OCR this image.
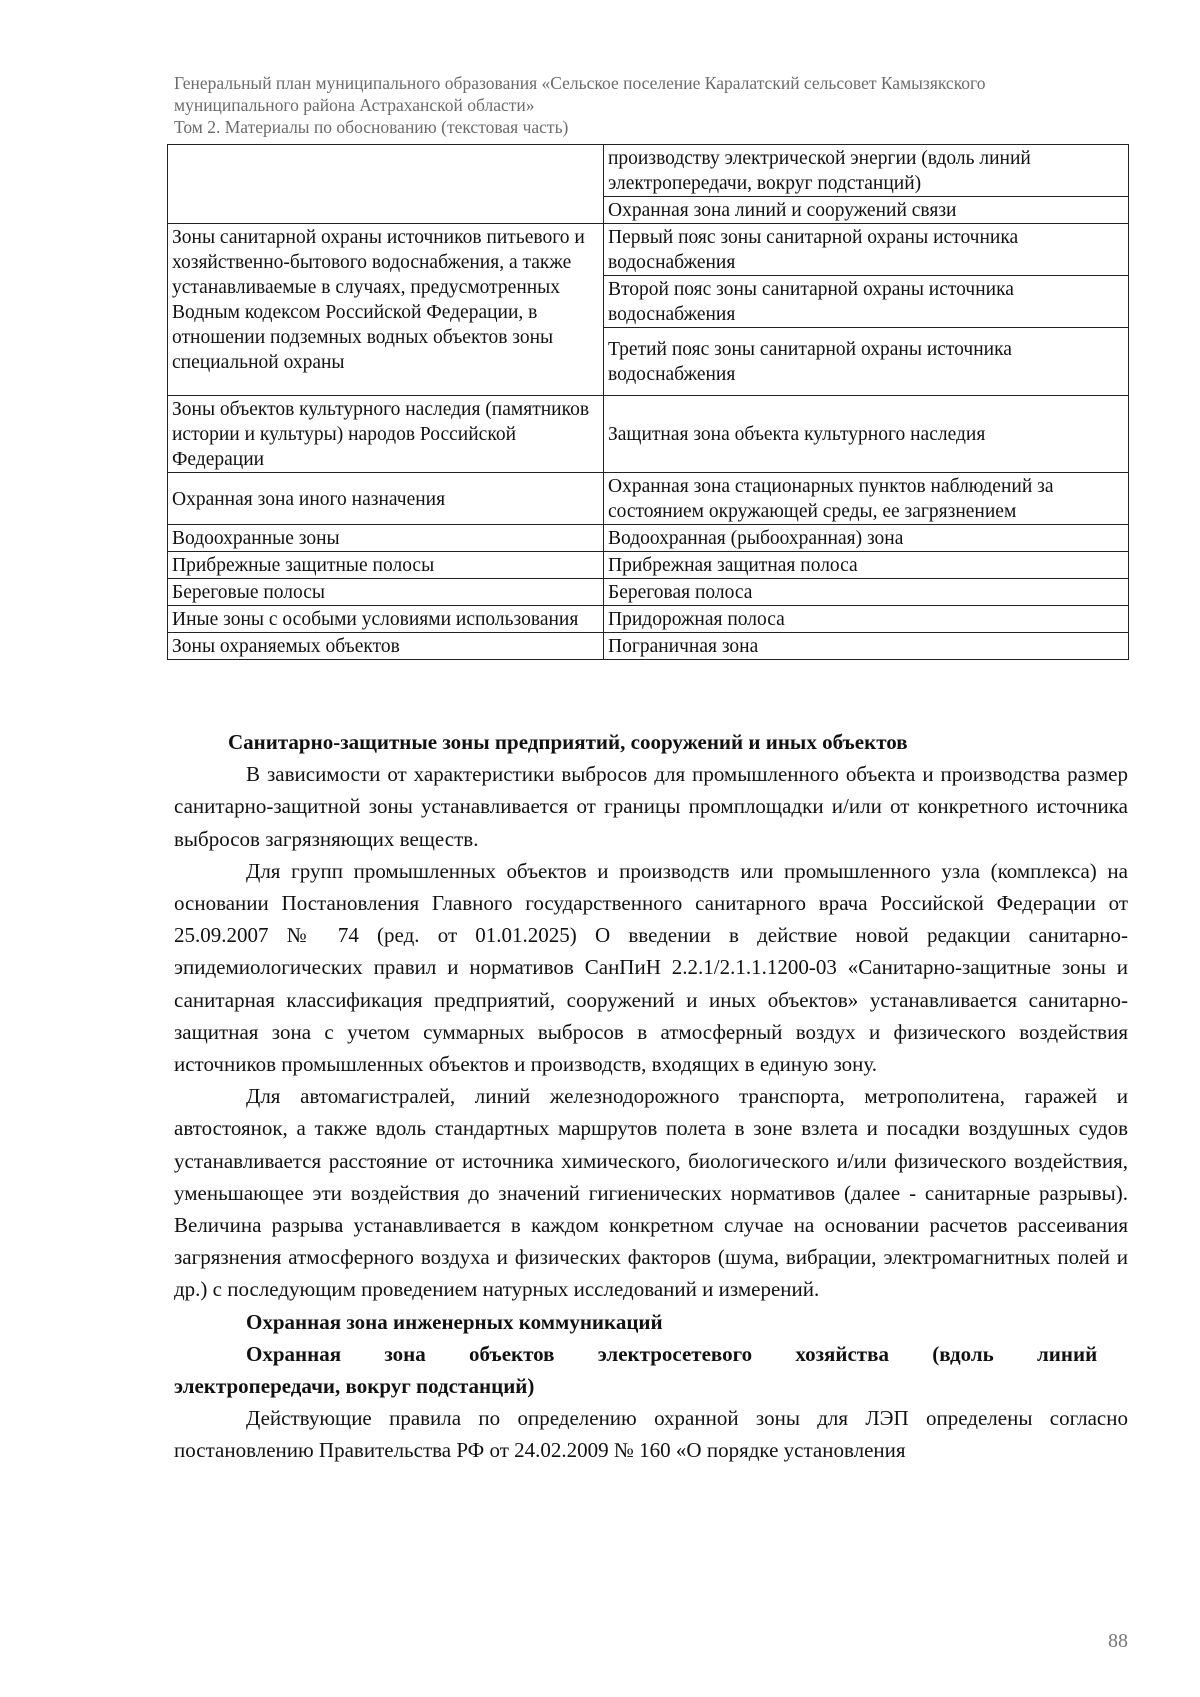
Генеральный план муниципального образования «Сельское поселение Каралатский сельсовет Камызякского
муниципального района Астраханской области»
Том 2. Материалы по обоснованию (текстовая часть)
	производству электрической энергии (вдоль линий электропередачи, вокруг подстанций)
	Охранная зона линий и сооружений связи
Зоны санитарной охраны источников питьевого и хозяйственно-бытового водоснабжения, а также устанавливаемые в случаях, предусмотренных Водным кодексом Российской Федерации, в отношении подземных водных объектов зоны специальной охраны	Первый пояс зоны санитарной охраны источника водоснабжения
	Второй пояс зоны санитарной охраны источника водоснабжения
	Третий пояс зоны санитарной охраны источника водоснабжения
Зоны объектов культурного наследия (памятников истории и культуры) народов Российской Федерации	Защитная зона объекта культурного наследия
Охранная зона иного назначения	Охранная зона стационарных пунктов наблюдений за состоянием окружающей среды, ее загрязнением
Водоохранные зоны	Водоохранная (рыбоохранная) зона
Прибрежные защитные полосы	Прибрежная защитная полоса
Береговые полосы	Береговая полоса
Иные зоны с особыми условиями использования	Придорожная полоса
Зоны охраняемых объектов	Пограничная зона

Санитарно-защитные зоны предприятий, сооружений и иных объектов

В зависимости от характеристики выбросов для промышленного объекта и производства размер санитарно-защитной зоны устанавливается от границы промплощадки и/или от конкретного источника выбросов загрязняющих веществ.

Для групп промышленных объектов и производств или промышленного узла (комплекса) на основании Постановления Главного государственного санитарного врача Российской Федерации от 25.09.2007 № 74 (ред. от 01.01.2025) О введении в действие новой редакции санитарно-эпидемиологических правил и нормативов СанПиН 2.2.1/2.1.1.1200-03 «Санитарно-защитные зоны и санитарная классификация предприятий, сооружений и иных объектов» устанавливается санитарно-защитная зона с учетом суммарных выбросов в атмосферный воздух и физического воздействия источников промышленных объектов и производств, входящих в единую зону.

Для автомагистралей, линий железнодорожного транспорта, метрополитена, гаражей и автостоянок, а также вдоль стандартных маршрутов полета в зоне взлета и посадки воздушных судов устанавливается расстояние от источника химического, биологического и/или физического воздействия, уменьшающее эти воздействия до значений гигиенических нормативов (далее - санитарные разрывы). Величина разрыва устанавливается в каждом конкретном случае на основании расчетов рассеивания загрязнения атмосферного воздуха и физических факторов (шума, вибрации, электромагнитных полей и др.) с последующим проведением натурных исследований и измерений.

Охранная зона инженерных коммуникаций

Охранная зона объектов электросетевого хозяйства (вдоль линий
электропередачи, вокруг подстанций)

Действующие правила по определению охранной зоны для ЛЭП определены согласно постановлению Правительства РФ от 24.02.2009 № 160 «О порядке установления

88
